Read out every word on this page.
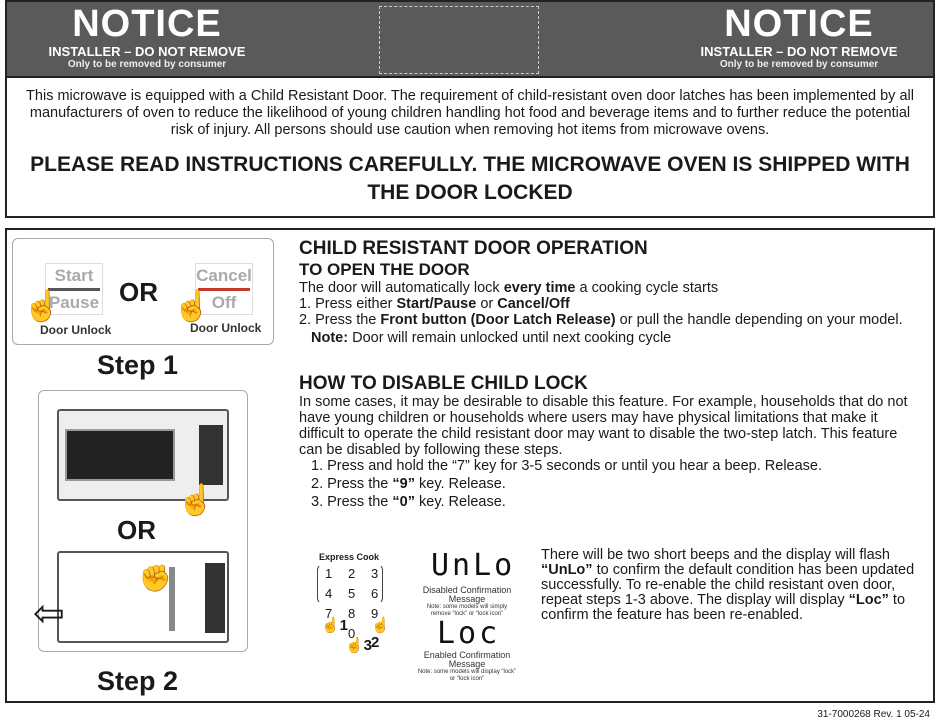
NOTICE
INSTALLER – DO NOT REMOVE
Only to be removed by consumer
NOTICE
INSTALLER – DO NOT REMOVE
Only to be removed by consumer

This microwave is equipped with a Child Resistant Door. The requirement of child-resistant oven door latches has been implemented by all manufacturers of oven to reduce the likelihood of young children handling hot food and beverage items and to further reduce the potential risk of injury. All persons should use caution when removing hot items from microwave ovens.

PLEASE READ INSTRUCTIONS CAREFULLY. THE MICROWAVE OVEN IS SHIPPED WITH THE DOOR LOCKED
Start
Pause
☝ OR
Cancel
Off
☝
Door Unlock	Door Unlock
Step 1
☝
OR
⇦
✊
Step 2
CHILD RESISTANT DOOR OPERATION
TO OPEN THE DOOR

The door will automatically lock every time a cooking cycle starts

1. Press either Start/Pause or Cancel/Off

2. Press the Front button (Door Latch Release) or pull the handle depending on your model.

Note: Door will remain unlocked until next cooking cycle

HOW TO DISABLE CHILD LOCK

In some cases, it may be desirable to disable this feature. For example, households that do not have young children or households where users may have physical limitations that make it difficult to operate the child resistant door may want to disable the two-step latch. This feature can be disabled by following these steps.

1. Press and hold the “7” key for 3-5 seconds or until you hear a beep. Release.

2. Press the “9” key. Release.

3. Press the “0” key. Release.

There will be two short beeps and the display will flash “UnLo” to confirm the default condition has been updated successfully. To re-enable the child resistant oven door, repeat steps 1-3 above. The display will display “Loc” to confirm the feature has been re-enabled.

Express Cook
1 2 3
4 5 6
7 8 9
0
☝1 ☝2
☝3
UnLo
Disabled Confirmation Message
Note: some models will simply remove “lock” or “lock icon”
Loc
Enabled Confirmation Message
Note: some models will display “lock” or “lock icon”
31-7000268 Rev. 1 05-24
